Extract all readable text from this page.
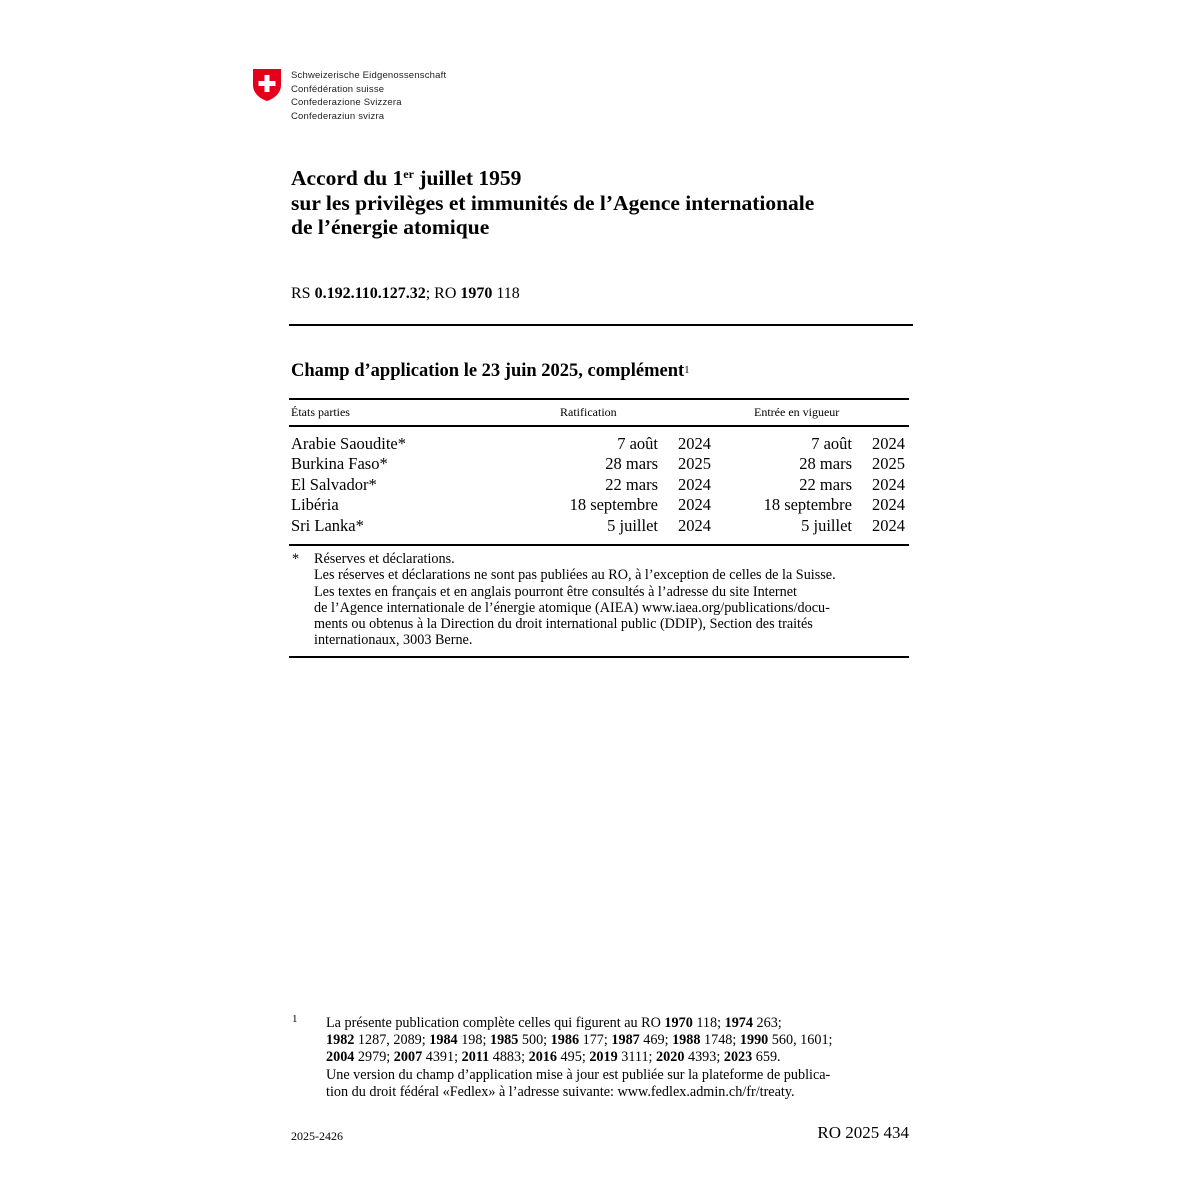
Schweizerische Eidgenossenschaft
Confédération suisse
Confederazione Svizzera
Confederaziun svizra
Accord du 1er juillet 1959
sur les privilèges et immunités de l’Agence internationale
de l’énergie atomique
RS 0.192.110.127.32; RO 1970 118
Champ d’application le 23 juin 2025, complément$^1$
États parties	Ratification	Entrée en vigueur
Arabie Saoudite*	7 août	2024	7 août	2024
Burkina Faso*	28 mars	2025	28 mars	2025
El Salvador*	22 mars	2024	22 mars	2024
Libéria	18 septembre	2024	18 septembre	2024
Sri Lanka*	5 juillet	2024	5 juillet	2024
* Réserves et déclarations.
Les réserves et déclarations ne sont pas publiées au RO, à l’exception de celles de la Suisse.
Les textes en français et en anglais pourront être consultés à l’adresse du site Internet
de l’Agence internationale de l’énergie atomique (AIEA) www.iaea.org/publications/docu-
ments ou obtenus à la Direction du droit international public (DDIP), Section des traités
internationaux, 3003 Berne.
1 La présente publication complète celles qui figurent au RO 1970 118; 1974 263;
1982 1287, 2089; 1984 198; 1985 500; 1986 177; 1987 469; 1988 1748; 1990 560, 1601;
2004 2979; 2007 4391; 2011 4883; 2016 495; 2019 3111; 2020 4393; 2023 659.
Une version du champ d’application mise à jour est publiée sur la plateforme de publica-
tion du droit fédéral «Fedlex» à l’adresse suivante: www.fedlex.admin.ch/fr/treaty.
2025-2426	RO 2025 434
